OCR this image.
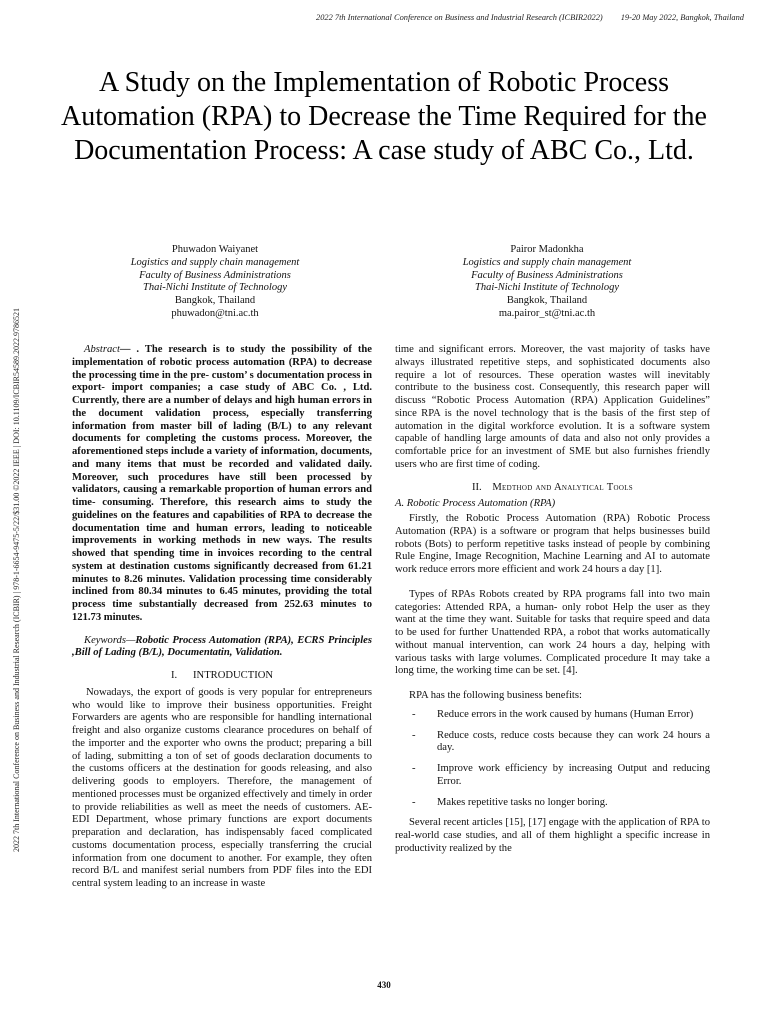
2022 7th International Conference on Business and Industrial Research (ICBIR2022) 19-20 May 2022, Bangkok, Thailand
2022 7th International Conference on Business and Industrial Research (ICBIR) | 978-1-6654-9475-5/22/$31.00 ©2022 IEEE | DOI: 10.1109/ICBIR54589.2022.9786521
A Study on the Implementation of Robotic Process Automation (RPA) to Decrease the Time Required for the Documentation Process: A case study of ABC Co., Ltd.
Phuwadon Waiyanet
Logistics and supply chain management
Faculty of Business Administrations
Thai-Nichi Institute of Technology
Bangkok, Thailand
phuwadon@tni.ac.th
Pairor Madonkha
Logistics and supply chain management
Faculty of Business Administrations
Thai-Nichi Institute of Technology
Bangkok, Thailand
ma.pairor_st@tni.ac.th

Abstract— . The research is to study the possibility of the implementation of robotic process automation (RPA) to decrease the processing time in the pre- custom’ s documentation process in export- import companies; a case study of ABC Co. , Ltd. Currently, there are a number of delays and high human errors in the document validation process, especially transferring information from master bill of lading (B/L) to any relevant documents for completing the customs process. Moreover, the aforementioned steps include a variety of information, documents, and many items that must be recorded and validated daily. Moreover, such procedures have still been processed by validators, causing a remarkable proportion of human errors and time- consuming. Therefore, this research aims to study the guidelines on the features and capabilities of RPA to decrease the documentation time and human errors, leading to noticeable improvements in working methods in new ways. The results showed that spending time in invoices recording to the central system at destination customs significantly decreased from 61.21 minutes to 8.26 minutes. Validation processing time considerably inclined from 80.34 minutes to 6.45 minutes, providing the total process time substantially decreased from 252.63 minutes to 121.73 minutes.

Keywords—Robotic Process Automation (RPA), ECRS Principles ,Bill of Lading (B/L), Documentatin, Validation.

I. INTRODUCTION

Nowadays, the export of goods is very popular for entrepreneurs who would like to improve their business opportunities. Freight Forwarders are agents who are responsible for handling international freight and also organize customs clearance procedures on behalf of the importer and the exporter who owns the product; preparing a bill of lading, submitting a ton of set of goods declaration documents to the customs officers at the destination for goods releasing, and also delivering goods to employers. Therefore, the management of mentioned processes must be organized effectively and timely in order to provide reliabilities as well as meet the needs of customers. AE-EDI Department, whose primary functions are export documents preparation and declaration, has indispensably faced complicated customs documentation process, especially transferring the crucial information from one document to another. For example, they often record B/L and manifest serial numbers from PDF files into the EDI central system leading to an increase in waste

time and significant errors. Moreover, the vast majority of tasks have always illustrated repetitive steps, and sophisticated documents also require a lot of resources. These operation wastes will inevitably contribute to the business cost. Consequently, this research paper will discuss “Robotic Process Automation (RPA) Application Guidelines” since RPA is the novel technology that is the basis of the first step of automation in the digital workforce evolution. It is a software system capable of handling large amounts of data and also not only provides a comfortable price for an investment of SME but also furnishes friendly users who are first time of coding.

II. Medthod and Analytical Tools

A. Robotic Process Automation (RPA)

Firstly, the Robotic Process Automation (RPA) Robotic Process Automation (RPA) is a software or program that helps businesses build robots (Bots) to perform repetitive tasks instead of people by combining Rule Engine, Image Recognition, Machine Learning and AI to automate work reduce errors more efficient and work 24 hours a day [1].

Types of RPAs Robots created by RPA programs fall into two main categories: Attended RPA, a human- only robot Help the user as they want at the time they want. Suitable for tasks that require speed and data to be used for further Unattended RPA, a robot that works automatically without manual intervention, can work 24 hours a day, helping with various tasks with large volumes. Complicated procedure It may take a long time, the working time can be set. [4].

RPA has the following business benefits:

- Reduce errors in the work caused by humans (Human Error)
- Reduce costs, reduce costs because they can work 24 hours a day.
- Improve work efficiency by increasing Output and reducing Error.
- Makes repetitive tasks no longer boring.

Several recent articles [15], [17] engage with the application of RPA to real-world case studies, and all of them highlight a specific increase in productivity realized by the

430
